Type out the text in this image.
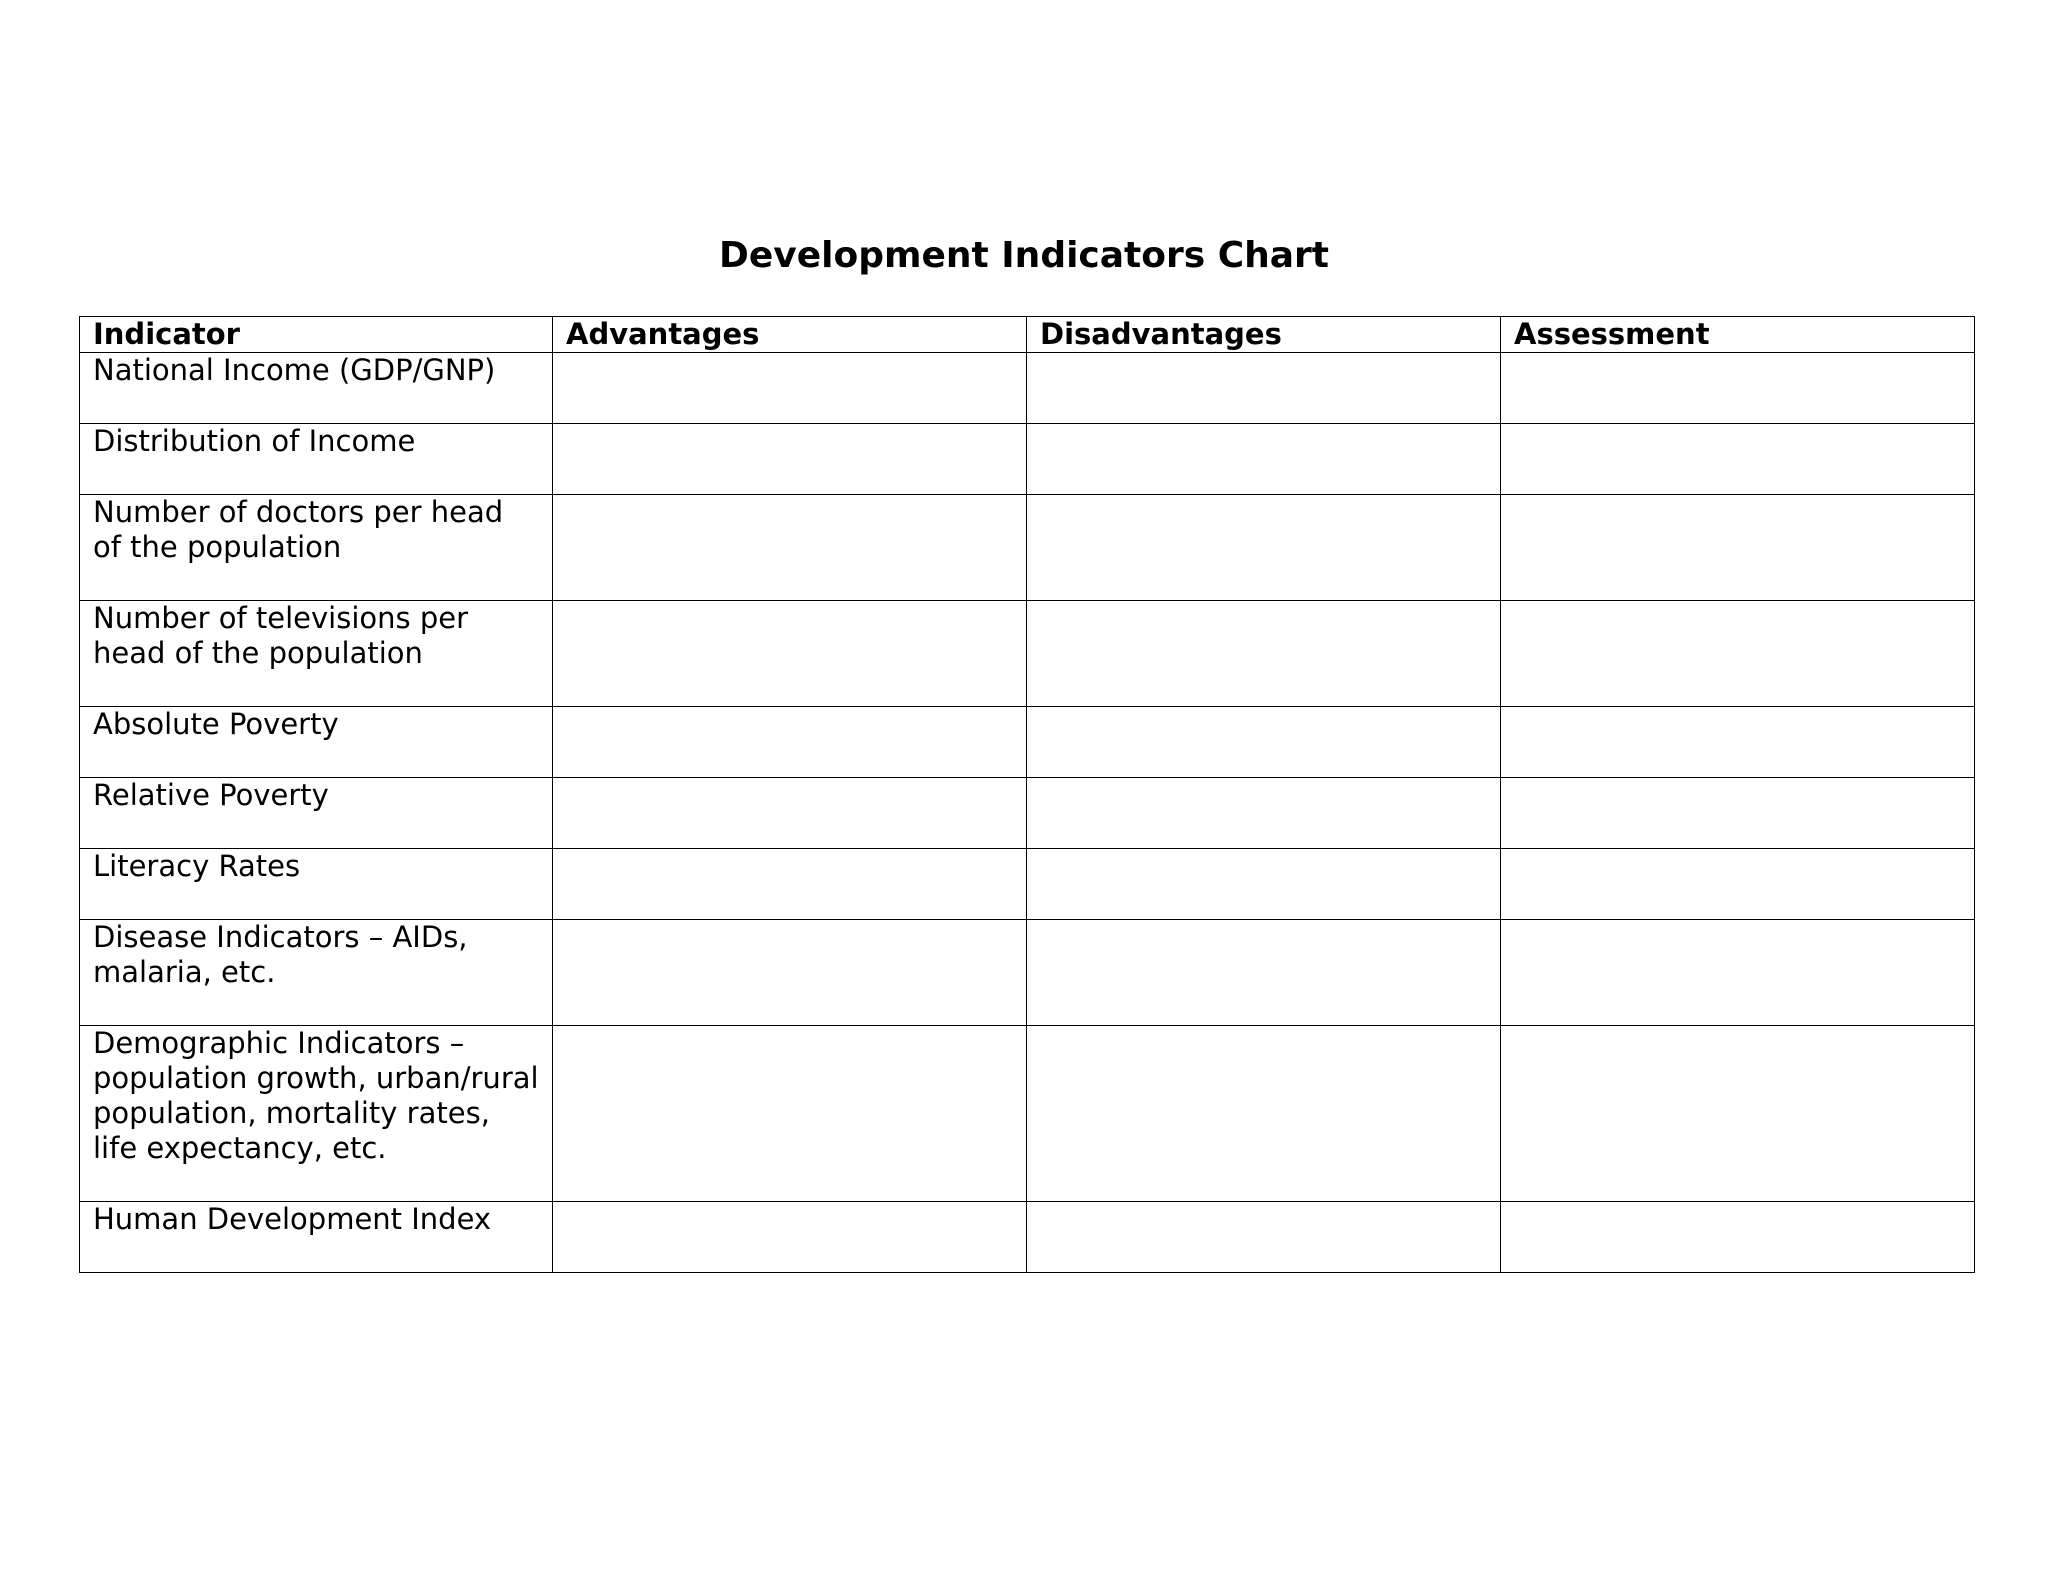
Development Indicators Chart
Indicator	Advantages	Disadvantages	Assessment
National Income (GDP/GNP)			
Distribution of Income			
Number of doctors per head of the population			
Number of televisions per head of the population			
Absolute Poverty			
Relative Poverty			
Literacy Rates			
Disease Indicators – AIDs, malaria, etc.			
Demographic Indicators – population growth, urban/rural population, mortality rates, life expectancy, etc.			
Human Development Index			
